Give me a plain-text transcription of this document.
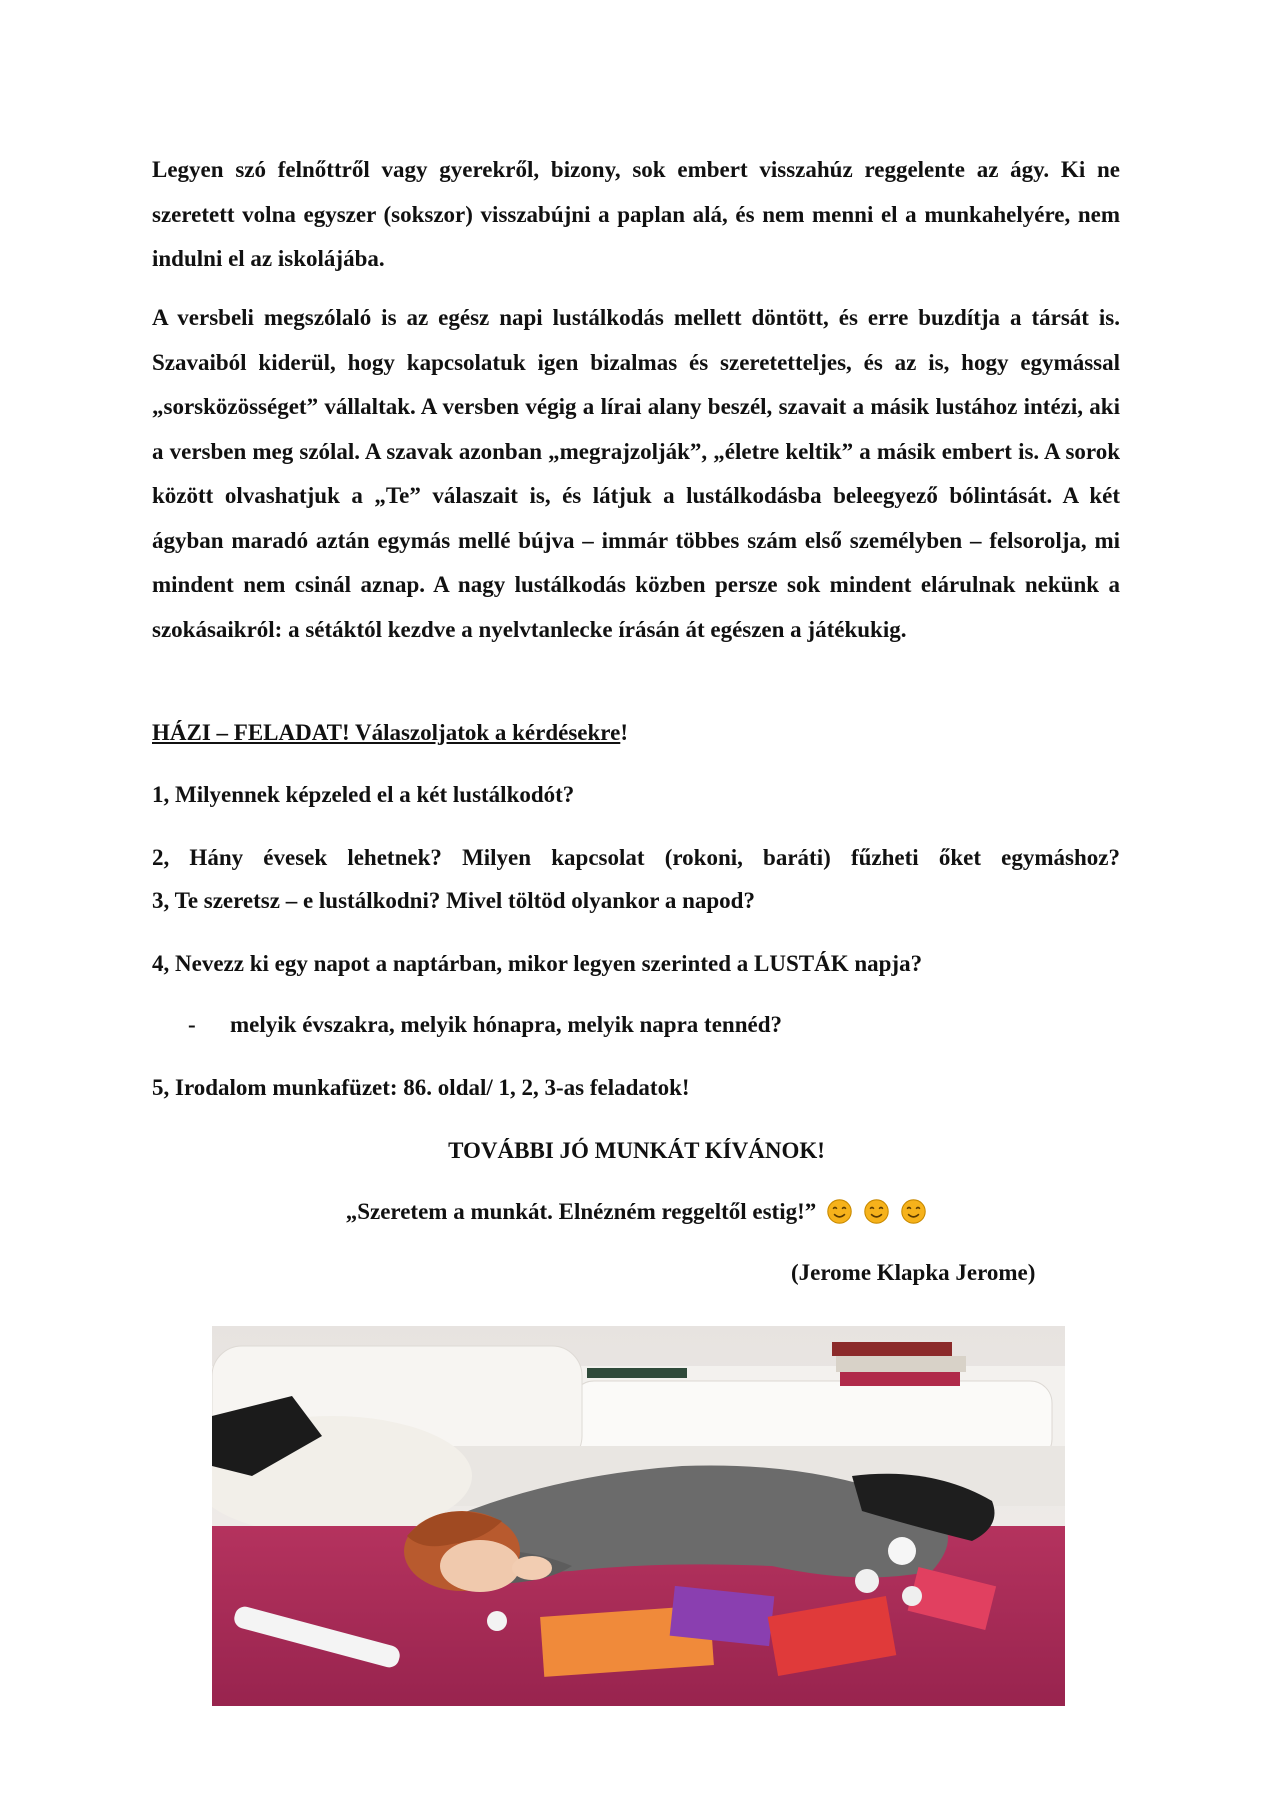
Legyen szó felnőttről vagy gyerekről, bizony, sok embert visszahúz reggelente az ágy. Ki ne szeretett volna egyszer (sokszor) visszabújni a paplan alá, és nem menni el a munkahelyére, nem indulni el az iskolájába.

A versbeli megszólaló is az egész napi lustálkodás mellett döntött, és erre buzdítja a társát is. Szavaiból kiderül, hogy kapcsolatuk igen bizalmas és szeretetteljes, és az is, hogy egymással „sorsközösséget” vállaltak. A versben végig a lírai alany beszél, szavait a másik lustához intézi, aki a versben meg szólal. A szavak azonban „megrajzolják”, „életre keltik” a másik embert is. A sorok között olvashatjuk a „Te” válaszait is, és látjuk a lustálkodásba beleegyező bólintását. A két ágyban maradó aztán egymás mellé bújva – immár többes szám első személyben – felsorolja, mi mindent nem csinál aznap. A nagy lustálkodás közben persze sok mindent elárulnak nekünk a szokásaikról: a sétáktól kezdve a nyelvtanlecke írásán át egészen a játékukig.

HÁZI – FELADAT! Válaszoljatok a kérdésekre!

1, Milyennek képzeled el a két lustálkodót?

2, Hány évesek lehetnek? Milyen kapcsolat (rokoni, baráti) fűzheti őket egymáshoz?

3, Te szeretsz – e lustálkodni? Mivel töltöd olyankor a napod?

4, Nevezz ki egy napot a naptárban, mikor legyen szerinted a LUSTÁK napja?

- melyik évszakra, melyik hónapra, melyik napra tennéd?

5, Irodalom munkafüzet: 86. oldal/ 1, 2, 3-as feladatok!

TOVÁBBI JÓ MUNKÁT KÍVÁNOK!

„Szeretem a munkát. Elnézném reggeltől estig!”

(Jerome Klapka Jerome)
